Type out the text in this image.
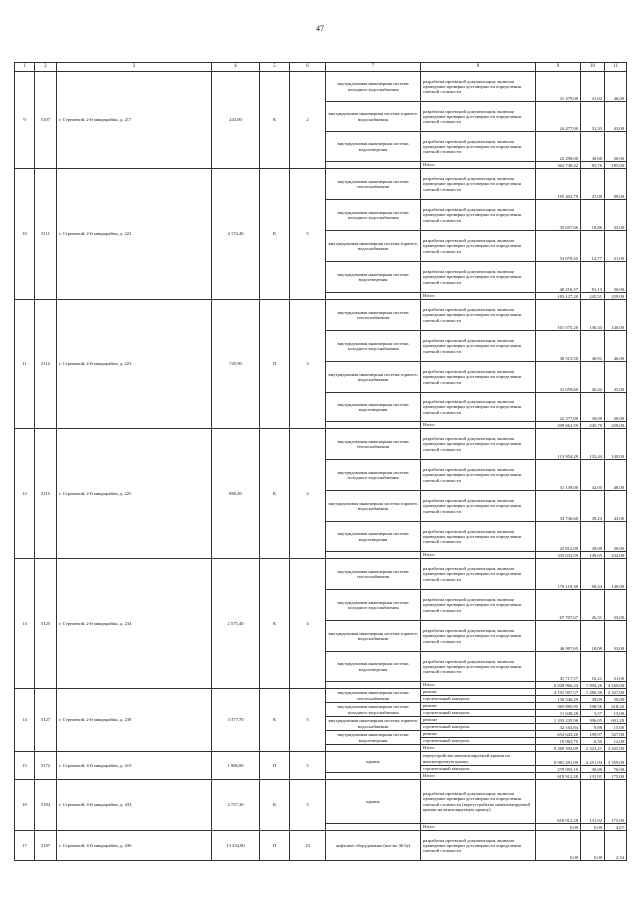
47
1	2	3	4	5	6	7	8	9	10	11
9	5107	г. Стрежевой, 2-й микрорайон, д. 217	243,00	К	2	внутридомовая инженерная система холодного водоснабжения	разработка проектной документации, включая проведение проверки достоверности определения сметной стоимости	31 479,00	41,02	46,00
						внутридомовая инженерная система горячего водоснабжения	разработка проектной документации, включая проведение проверки достоверности определения сметной стоимости	24 477,00	31,33	43,00
						внутридомовая инженерная система водоотведения	разработка проектной документации, включая проведение проверки достоверности определения сметной стоимости	22 290,00	30,00	30,00
							Итого	364 748,42	83,76	185,00
10	5111	г. Стрежевой, 2-й микрорайон, д. 222	4 174,40	К	5	внутридомовая инженерная система теплоснабжения	разработка проектной документации, включая проведение проверки достоверности определения сметной стоимости	195 403,79	47,00	99,00
						внутридомовая инженерная система холодного водоснабжения	разработка проектной документации, включая проведение проверки достоверности определения сметной стоимости	35 657,66	18,86	33,00
						внутридомовая инженерная система горячего водоснабжения	разработка проектной документации, включая проведение проверки достоверности определения сметной стоимости	53 070,45	12,77	31,00
						внутридомовая инженерная система водоотведения	разработка проектной документации, включая проведение проверки достоверности определения сметной стоимости	40 216,57	81,13	30,00
							Итого	183 127,20	245,51	259,00
11	5112	г. Стрежевой, 2-й микрорайон, д. 223	745,90	П	3	внутридомовая инженерная система теплоснабжения	разработка проектной документации, включая проведение проверки достоверности определения сметной стоимости	101 575,20	136,33	140,00
						внутридомовая инженерная система холодного водоснабжения	разработка проектной документации, включая проведение проверки достоверности определения сметной стоимости	30 515,50	40,91	46,00
						внутридомовая инженерная система горячего водоснабжения	разработка проектной документации, включая проведение проверки достоверности определения сметной стоимости	31 659,60	36,42	45,00
						внутридомовая инженерная система водоотведения	разработка проектной документации, включая проведение проверки достоверности определения сметной стоимости	22 377,00	30,00	30,00
							Итого	209 661,59	245,70	259,00
12	5115	г. Стрежевой, 2-й микрорайон, д. 225	880,40	К	2	внутридомовая инженерная система теплоснабжения	разработка проектной документации, включая проведение проверки достоверности определения сметной стоимости	113 954,29	132,44	140,00
						внутридомовая инженерная система холодного водоснабжения	разработка проектной документации, включая проведение проверки достоверности определения сметной стоимости	31 139,00	42,05	48,00
						внутридомовая инженерная система горячего водоснабжения	разработка проектной документации, включая проведение проверки достоверности определения сметной стоимости	33 736,60	39,23	43,00
						внутридомовая инженерная система водоотведения	разработка проектной документации, включая проведение проверки достоверности определения сметной стоимости	25 812,00	30,00	30,00
							Итого	333 633,59	149,65	234,00
13	5125	г. Стрежевой, 2-й микрорайон, д. 234	2 575,40	К	4	внутридомовая инженерная система теплоснабжения	разработка проектной документации, включая проведение проверки достоверности определения сметной стоимости	176 118,30	68,44	140,00
						внутридомовая инженерная система холодного водоснабжения	разработка проектной документации, включая проведение проверки достоверности определения сметной стоимости	67 707,67	26,31	33,00
						внутридомовая инженерная система горячего водоснабжения	разработка проектной документации, включая проведение проверки достоверности определения сметной стоимости	46 997,65	18,09	33,00
						внутридомовая инженерная система водоотведения	разработка проектной документации, включая проведение проверки достоверности определения сметной стоимости	41 717,57	16,21	31,00
							Итого	6 828 966,24	1 994,26	4 160,00
14	5127	г. Стрежевой, 2-й микрорайон, д. 238	3 377,70	К	5	внутридомовая инженерная система теплоснабжения	ремонт	4 191 507,57	1 280,36	2 327,00
							строительный контроль	130 546,29	39,09	50,00
						внутридомовая инженерная система холодного водоснабжения	ремонт	365 885,95	108,56	618,20
							строительный контроль	11 049,28	3,57	13,00
						внутридомовая инженерная система горячего водоснабжения	ремонт	1 333 235,96	396,05	601,20
							строительный контроль	32 163,84	9,88	15,00
						внутридомовая инженерная система водоотведения	ремонт	654 643,20	199,97	527,00
							строительный контроль	19 963,75	6,30	12,00
							Итого	9 269 593,09	2 323,21	3 435,00
15	5172	г. Стрежевой, 4-й микрорайон, д. 415	1 986,00	П	5	крыша	переустройство невентилируемой крыши на вентилируемую крышу	8 981 281,09	2 251,94	3 359,00
							строительный контроль	279 093,10	30,00	76,00
							Итого	618 912,28	131,91	175,00
16	5184	г. Стрежевой, 4-й микрорайон, д. 433	2 757,30	К	5	крыша	разработка проектной документации, включая проведение проверки достоверности определения сметной стоимости (переустройство невентилируемой крыши на вентилируемую крышу)	618 912,28	131,92	175,00
							Итого	0,00	0,00	4,67
17	5187	г. Стрежевой, 4-й микрорайон, д. 436	13 334,80	П	23	лифтовое оборудование (кол-во 36 бу)	разработка проектной документации, включая проведение проверки достоверности определения сметной стоимости	0,00	0,00	2,54
